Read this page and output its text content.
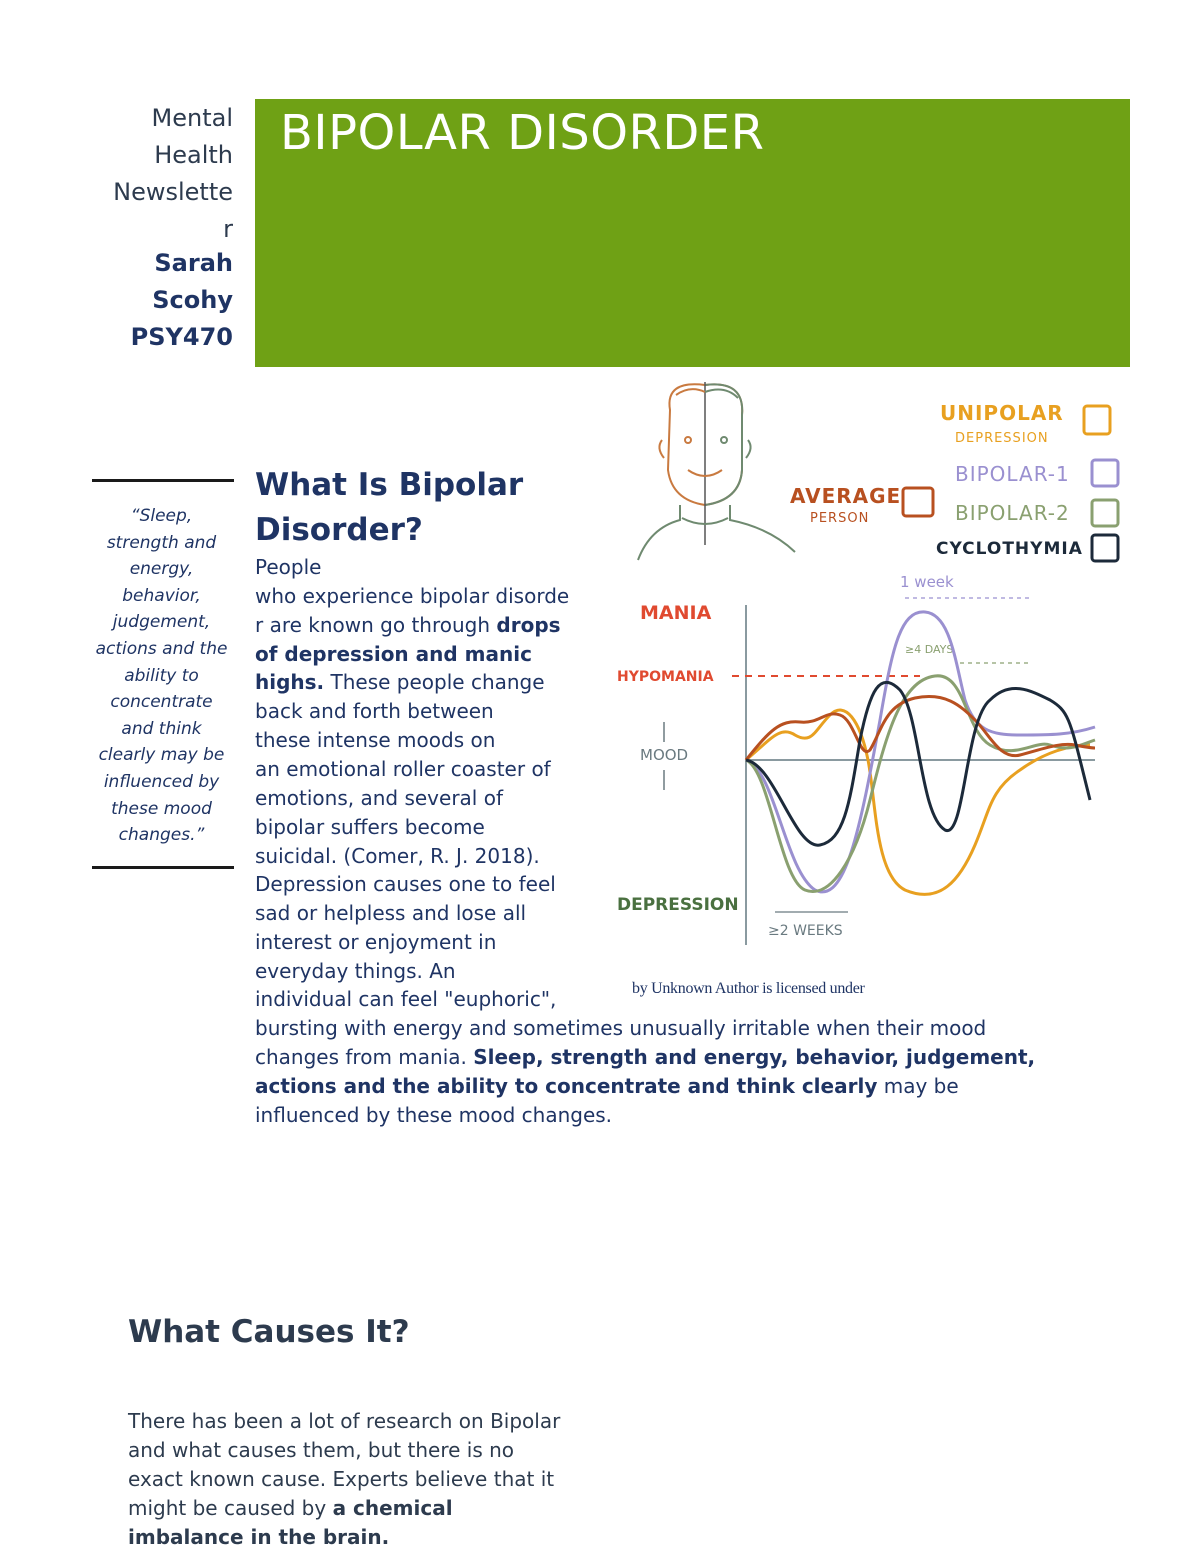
Mental
Health
Newslette
r
Sarah
Scohy
PSY470
BIPOLAR DISORDER
“Sleep,
strength and
energy,
behavior,
judgement,
actions and the
ability to
concentrate
and think
clearly may be
influenced by
these mood
changes.”
What Is Bipolar
Disorder?
People
who experience bipolar disorde
r are known go through drops
of depression and manic
highs. These people change
back and forth between
these intense moods on
an emotional roller coaster of
emotions, and several of
bipolar suffers become
suicidal. (Comer, R. J. 2018).
Depression causes one to feel
sad or helpless and lose all
interest or enjoyment in
everyday things. An
individual can feel "euphoric",
bursting with energy and sometimes unusually irritable when their mood
changes from mania. Sleep, strength and energy, behavior, judgement,
actions and the ability to concentrate and think clearly may be
influenced by these mood changes.
UNIPOLAR
DEPRESSION
BIPOLAR-1
AVERAGE
PERSON	BIPOLAR-2
CYCLOTHYMIA
MANIA
HYPOMANIA
MOOD
DEPRESSION
1 week
≥4 DAYS
≥2 WEEKS
by Unknown Author is licensed under
What Causes It?
There has been a lot of research on Bipolar
and what causes them, but there is no
exact known cause. Experts believe that it
might be caused by a chemical
imbalance in the brain.
